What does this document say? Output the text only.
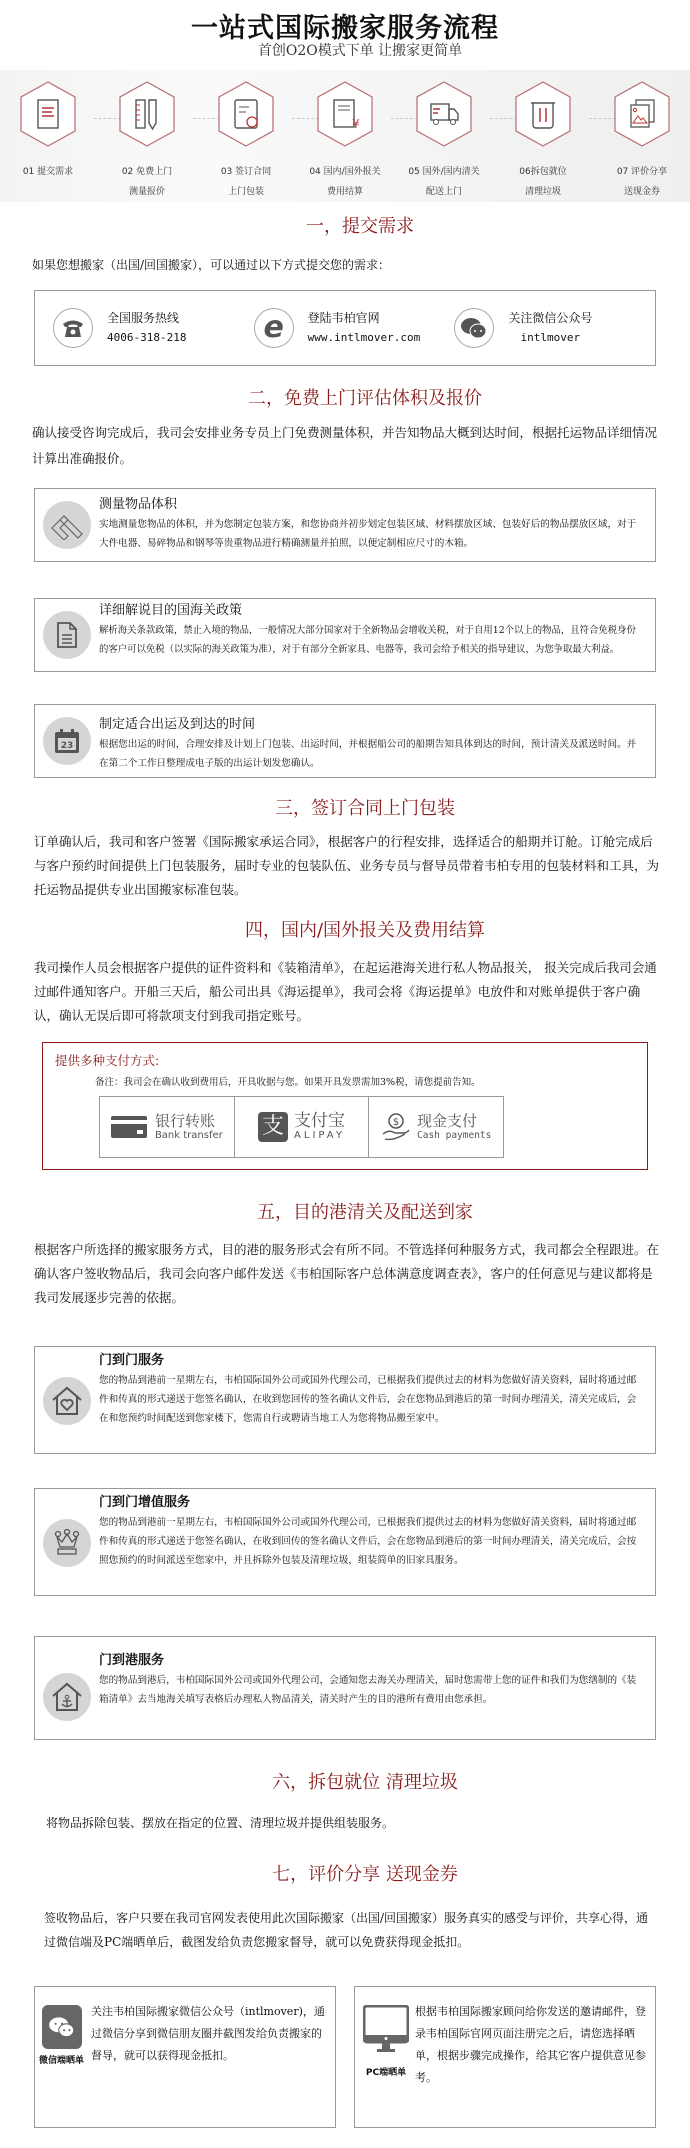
一站式国际搬家服务流程
首创O2O模式下单 让搬家更简单
01 提交需求	02 免费上门
测量报价
03 签订合同
上门包装
¥
04 国内/国外报关
费用结算
05 国外/国内清关
配送上门
06拆包就位
清理垃圾
07 评价分享
送现金券
一，提交需求
如果您想搬家（出国/回国搬家），可以通过以下方式提交您的需求：
全国服务热线
4006-318-218	e 登陆韦柏官网
www.intlmover.com
关注微信公众号
intlmover
二，免费上门评估体积及报价
确认接受咨询完成后，我司会安排业务专员上门免费测量体积，并告知物品大概到达时间，根据托运物品详细情况计算出准确报价。
测量物品体积
实地测量您物品的体积，并为您制定包装方案，和您协商并初步划定包装区域、材料摆放区域、包装好后的物品摆放区域，对于大件电器、易碎物品和钢琴等贵重物品进行精确测量并拍照，以便定制相应尺寸的木箱。
详细解说目的国海关政策
解析海关条款政策，禁止入境的物品，一般情况大部分国家对于全新物品会增收关税，对于自用12个以上的物品，且符合免税身份的客户可以免税（以实际的海关政策为准），对于有部分全新家具、电器等，我司会给予相关的指导建议，为您争取最大利益。
23
制定适合出运及到达的时间
根据您出运的时间，合理安排及计划上门包装、出运时间，并根据船公司的船期告知具体到达的时间，预计清关及派送时间。并在第二个工作日整理成电子版的出运计划发您确认。
三，签订合同上门包装
订单确认后，我司和客户签署《国际搬家承运合同》，根据客户的行程安排，选择适合的船期并订舱。订舱完成后与客户预约时间提供上门包装服务，届时专业的包装队伍、业务专员与督导员带着韦柏专用的包装材料和工具，为托运物品提供专业出国搬家标准包装。
四，国内/国外报关及费用结算
我司操作人员会根据客户提供的证件资料和《装箱清单》，在起运港海关进行私人物品报关， 报关完成后我司会通过邮件通知客户。开船三天后，船公司出具《海运提单》，我司会将《海运提单》电放件和对账单提供于客户确认，确认无误后即可将款项支付到我司指定账号。
提供多种支付方式:
备注：我司会在确认收到费用后，开具收据与您。如果开具发票需加3%税，请您提前告知。
银行转账
Bank transfer 支 支付宝
ALIPAY
$ 现金支付
Cash payments
五，目的港清关及配送到家
根据客户所选择的搬家服务方式，目的港的服务形式会有所不同。不管选择何种服务方式，我司都会全程跟进。在确认客户签收物品后，我司会向客户邮件发送《韦柏国际客户总体满意度调查表》，客户的任何意见与建议都将是我司发展逐步完善的依据。
门到门服务
您的物品到港前一星期左右，韦柏国际国外公司或国外代理公司，已根据我们提供过去的材料为您做好清关资料，届时将通过邮件和传真的形式递送于您签名确认，在收到您回传的签名确认文件后，会在您物品到港后的第一时间办理清关，清关完成后，会在和您预约时间配送到您家楼下，您需自行或聘请当地工人为您将物品搬至家中。
门到门增值服务
您的物品到港前一星期左右，韦柏国际国外公司或国外代理公司，已根据我们提供过去的材料为您做好清关资料，届时将通过邮件和传真的形式递送于您签名确认，在收到回传的签名确认文件后，会在您物品到港后的第一时间办理清关，清关完成后，会按照您预约的时间派送至您家中，并且拆除外包装及清理垃圾，组装简单的旧家具服务。
门到港服务
您的物品到港后，韦柏国际国外公司或国外代理公司，会通知您去海关办理清关，届时您需带上您的证件和我们为您缮制的《装箱清单》去当地海关填写表格后办理私人物品清关，清关时产生的目的港所有费用由您承担。
六，拆包就位 清理垃圾
将物品拆除包装、摆放在指定的位置、清理垃圾并提供组装服务。
七，评价分享 送现金券
签收物品后，客户只要在我司官网发表使用此次国际搬家（出国/回国搬家）服务真实的感受与评价，共享心得，通过微信端及PC端晒单后，截图发给负责您搬家督导，就可以免费获得现金抵扣。
微信端晒单
关注韦柏国际搬家微信公众号（intlmover)，通过微信分享到微信朋友圈并截图发给负责搬家的督导，就可以获得现金抵扣。
PC端晒单
根据韦柏国际搬家顾问给你发送的邀请邮件，登录韦柏国际官网页面注册完之后，请您选择晒单，根据步骤完成操作，给其它客户提供意见参考。
